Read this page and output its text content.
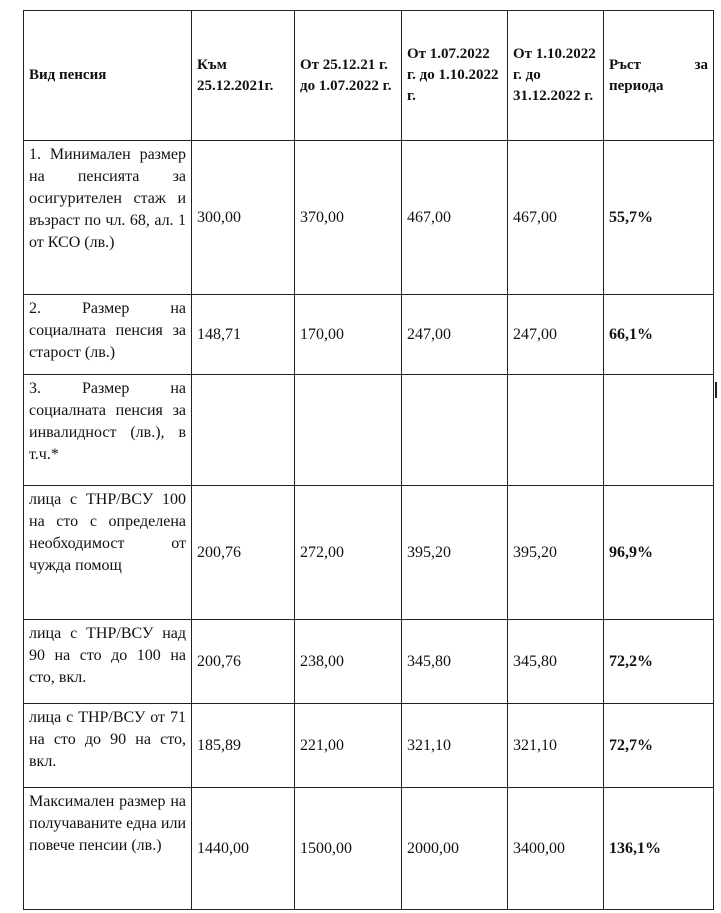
Вид пенсия	Към 25.12.2021г.	От 25.12.21 г. до 1.07.2022 г.	От 1.07.2022 г. до 1.10.2022 г.	От 1.10.2022 г. до 31.12.2022 г.	Ръст за периода
1. Минимален размер на пенсията за осигурителен стаж и възраст по чл. 68, ал. 1 от КСО (лв.)	300,00	370,00	467,00	467,00	55,7%
2. Размер на социалната пенсия за старост (лв.)	148,71	170,00	247,00	247,00	66,1%
3. Размер на социалната пенсия за инвалидност (лв.), в т.ч.*					
лица с ТНР/ВСУ 100 на сто с определена необходимост от чужда помощ	200,76	272,00	395,20	395,20	96,9%
лица с ТНР/ВСУ над 90 на сто до 100 на сто, вкл.	200,76	238,00	345,80	345,80	72,2%
лица с ТНР/ВСУ от 71 на сто до 90 на сто, вкл.	185,89	221,00	321,10	321,10	72,7%
Максимален размер на получаваните една или повече пенсии (лв.)	1440,00	1500,00	2000,00	3400,00	136,1%
